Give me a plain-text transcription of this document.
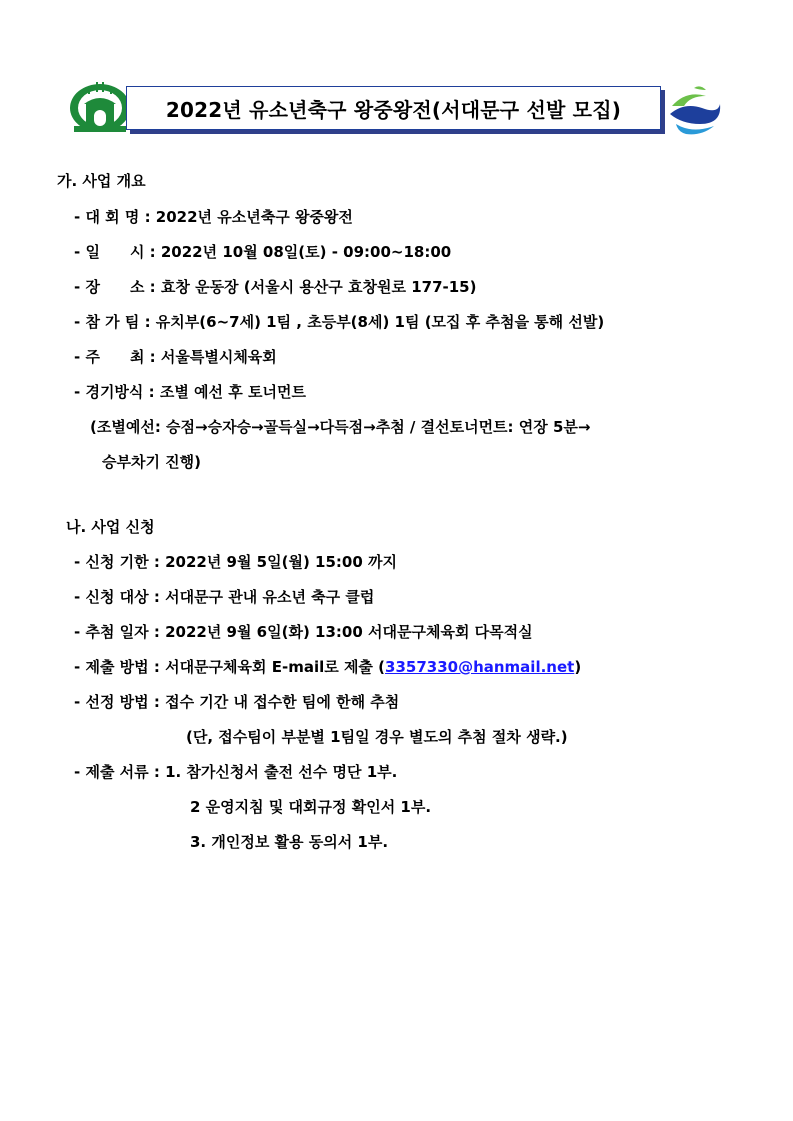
2022년 유소년축구 왕중왕전(서대문구 선발 모집)
가. 사업 개요
- 대 회 명 : 2022년 유소년축구 왕중왕전
- 일　　시 : 2022년 10월 08일(토) - 09:00~18:00
- 장　　소 : 효창 운동장 (서울시 용산구 효창원로 177-15)
- 참 가 팀 : 유치부(6~7세) 1팀 , 초등부(8세) 1팀 (모집 후 추첨을 통해 선발)
- 주　　최 : 서울특별시체육회
- 경기방식 : 조별 예선 후 토너먼트
(조별예선: 승점→승자승→골득실→다득점→추첨 / 결선토너먼트: 연장 5분→
승부차기 진행)
나. 사업 신청
- 신청 기한 : 2022년 9월 5일(월) 15:00 까지
- 신청 대상 : 서대문구 관내 유소년 축구 클럽
- 추첨 일자 : 2022년 9월 6일(화) 13:00 서대문구체육회 다목적실
- 제출 방법 : 서대문구체육회 E-mail로 제출 (3357330@hanmail.net)
- 선정 방법 : 접수 기간 내 접수한 팀에 한해 추첨
(단, 접수팀이 부분별 1팀일 경우 별도의 추첨 절차 생략.)
- 제출 서류 : 1. 참가신청서 출전 선수 명단 1부.
2 운영지침 및 대회규정 확인서 1부.
3. 개인정보 활용 동의서 1부.
